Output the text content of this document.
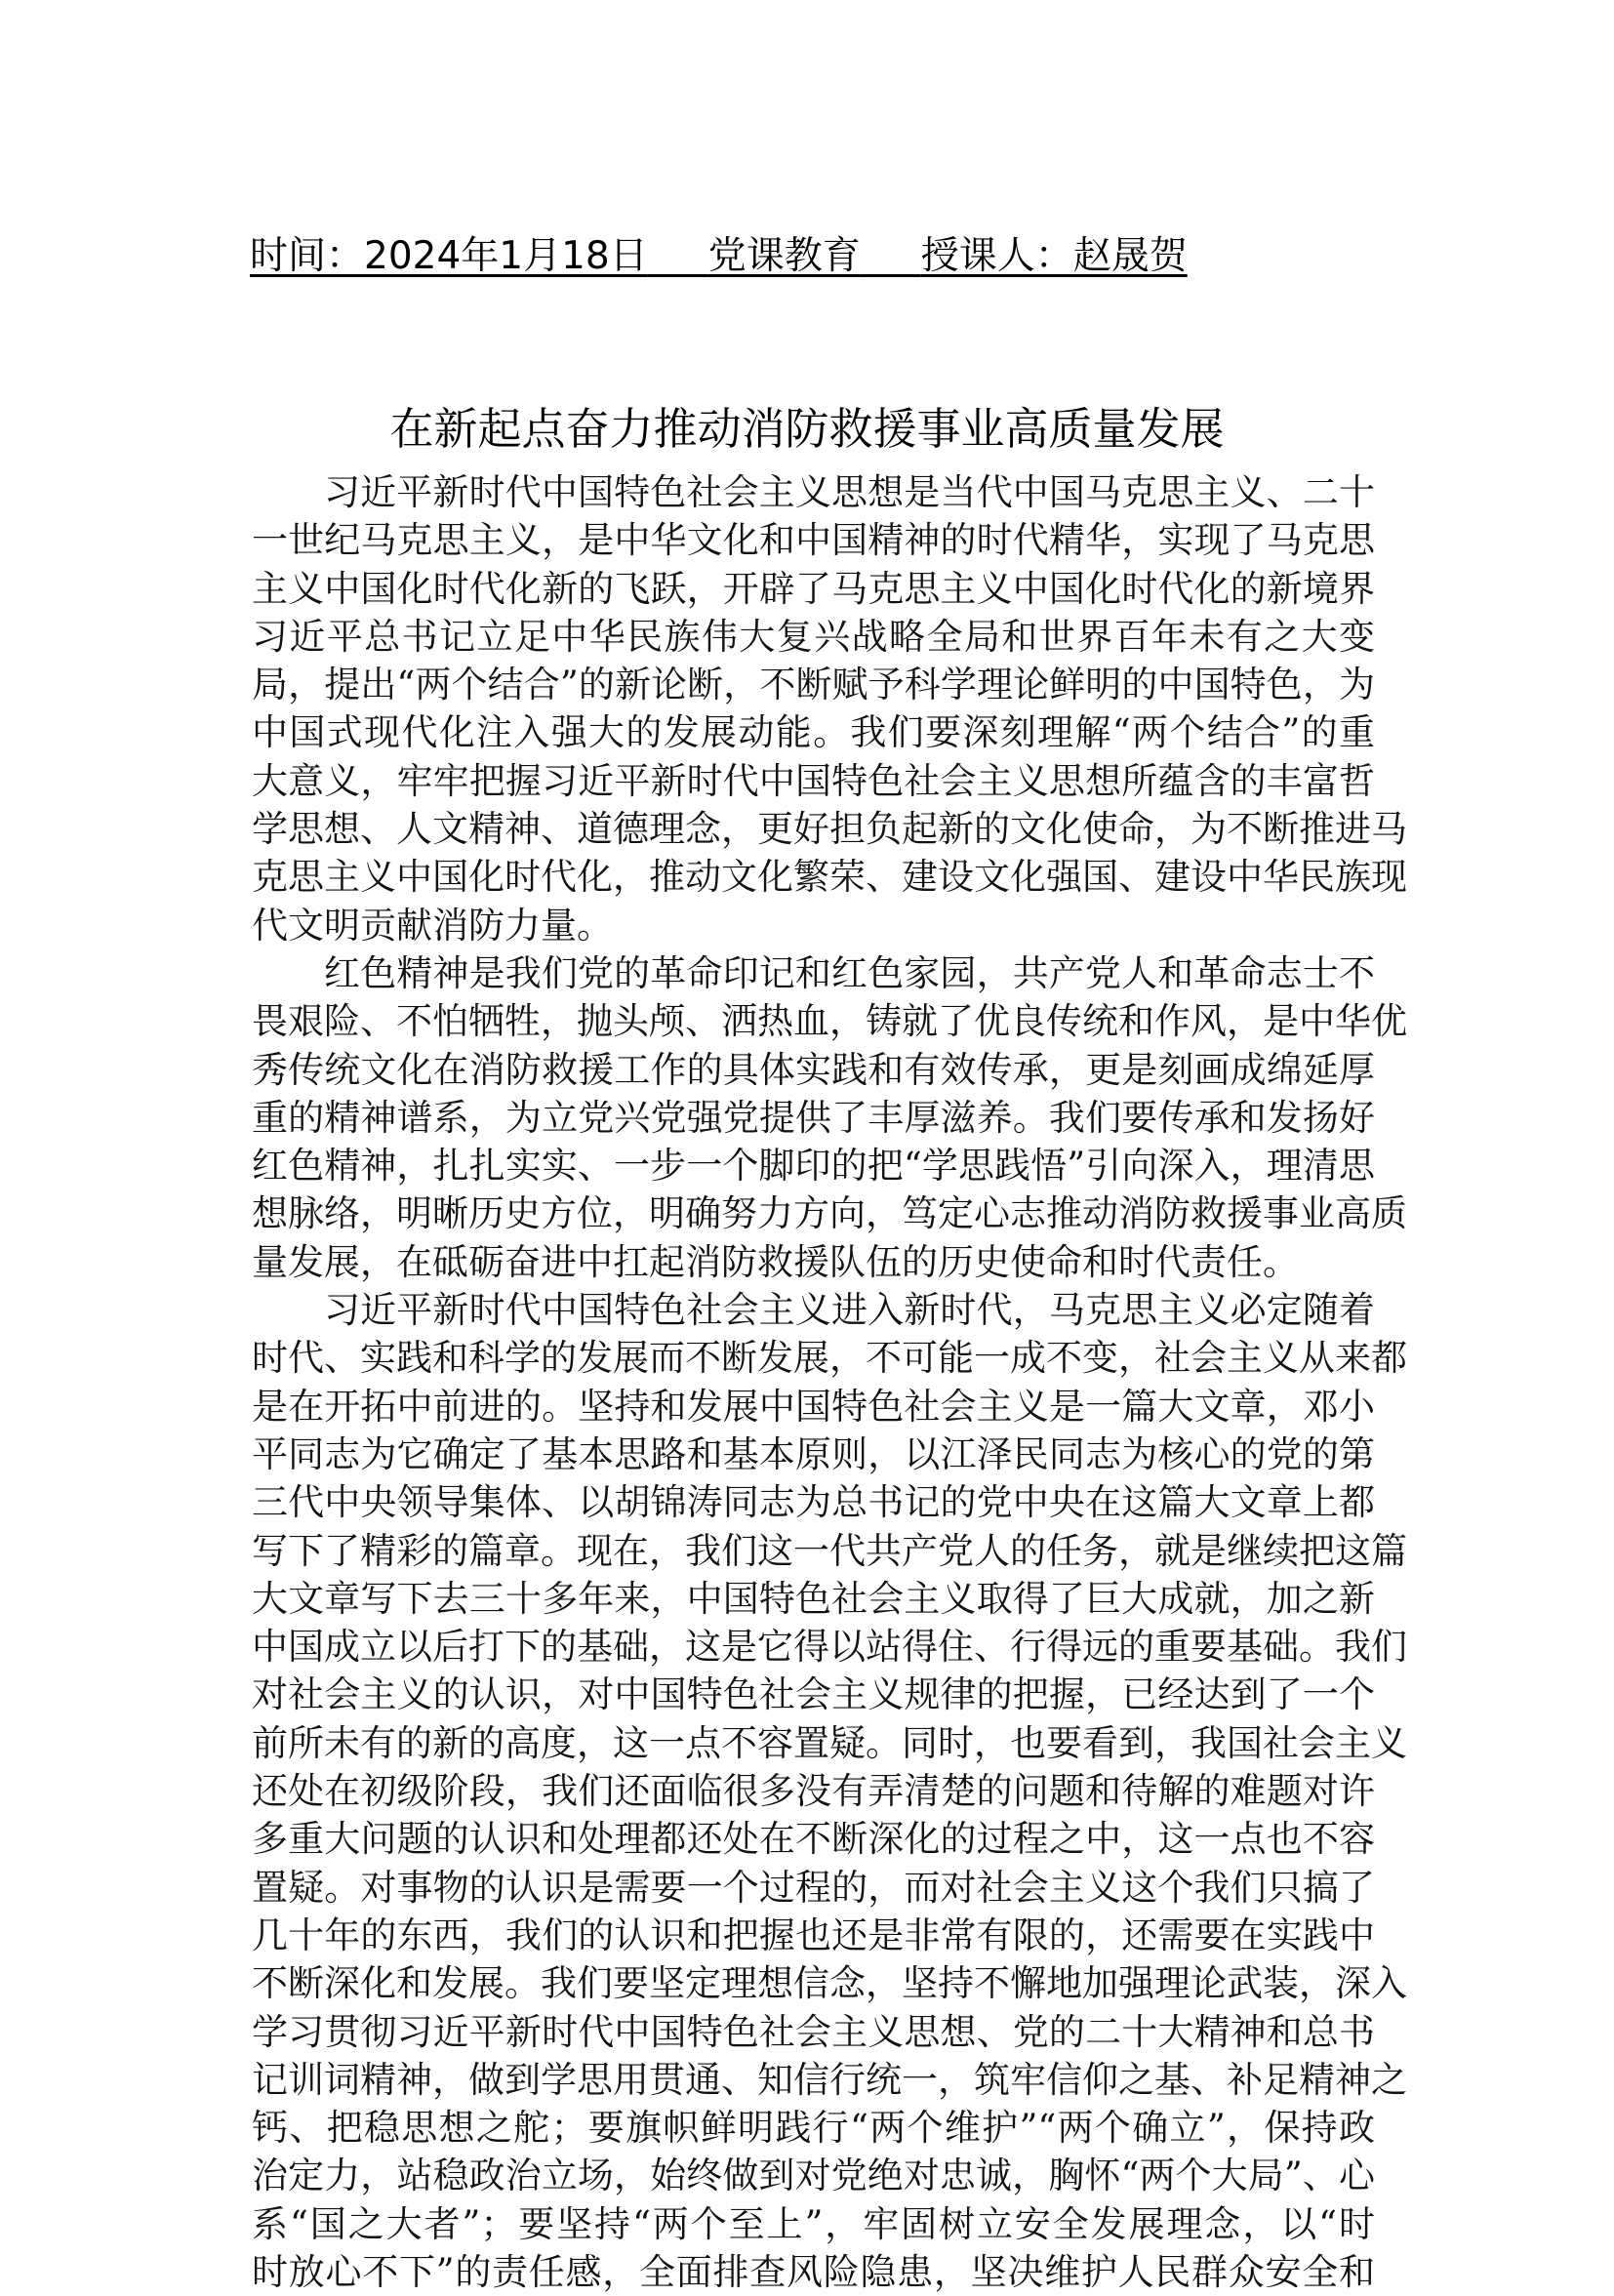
时间：2024年1月18日 党课教育 授课人：赵晟贺
在新起点奋力推动消防救援事业高质量发展
习近平新时代中国特色社会主义思想是当代中国马克思主义、二十
一世纪马克思主义，是中华文化和中国精神的时代精华，实现了马克思
主义中国化时代化新的飞跃，开辟了马克思主义中国化时代化的新境界
习近平总书记立足中华民族伟大复兴战略全局和世界百年未有之大变
局，提出“两个结合”的新论断，不断赋予科学理论鲜明的中国特色，为
中国式现代化注入强大的发展动能。我们要深刻理解“两个结合”的重
大意义，牢牢把握习近平新时代中国特色社会主义思想所蕴含的丰富哲
学思想、人文精神、道德理念，更好担负起新的文化使命，为不断推进马
克思主义中国化时代化，推动文化繁荣、建设文化强国、建设中华民族现
代文明贡献消防力量。
红色精神是我们党的革命印记和红色家园，共产党人和革命志士不
畏艰险、不怕牺牲，抛头颅、洒热血，铸就了优良传统和作风，是中华优
秀传统文化在消防救援工作的具体实践和有效传承，更是刻画成绵延厚
重的精神谱系，为立党兴党强党提供了丰厚滋养。我们要传承和发扬好
红色精神，扎扎实实、一步一个脚印的把“学思践悟”引向深入，理清思
想脉络，明晰历史方位，明确努力方向，笃定心志推动消防救援事业高质
量发展，在砥砺奋进中扛起消防救援队伍的历史使命和时代责任。
习近平新时代中国特色社会主义进入新时代，马克思主义必定随着
时代、实践和科学的发展而不断发展，不可能一成不变，社会主义从来都
是在开拓中前进的。坚持和发展中国特色社会主义是一篇大文章，邓小
平同志为它确定了基本思路和基本原则，以江泽民同志为核心的党的第
三代中央领导集体、以胡锦涛同志为总书记的党中央在这篇大文章上都
写下了精彩的篇章。现在，我们这一代共产党人的任务，就是继续把这篇
大文章写下去三十多年来，中国特色社会主义取得了巨大成就，加之新
中国成立以后打下的基础，这是它得以站得住、行得远的重要基础。我们
对社会主义的认识，对中国特色社会主义规律的把握，已经达到了一个
前所未有的新的高度，这一点不容置疑。同时，也要看到，我国社会主义
还处在初级阶段，我们还面临很多没有弄清楚的问题和待解的难题对许
多重大问题的认识和处理都还处在不断深化的过程之中，这一点也不容
置疑。对事物的认识是需要一个过程的，而对社会主义这个我们只搞了
几十年的东西，我们的认识和把握也还是非常有限的，还需要在实践中
不断深化和发展。我们要坚定理想信念，坚持不懈地加强理论武装，深入
学习贯彻习近平新时代中国特色社会主义思想、党的二十大精神和总书
记训词精神，做到学思用贯通、知信行统一，筑牢信仰之基、补足精神之
钙、把稳思想之舵；要旗帜鲜明践行“两个维护”“两个确立”，保持政
治定力，站稳政治立场，始终做到对党绝对忠诚，胸怀“两个大局”、心
系“国之大者”；要坚持“两个至上”，牢固树立安全发展理念，以“时
时放心不下”的责任感，全面排查风险隐患，坚决维护人民群众安全和
